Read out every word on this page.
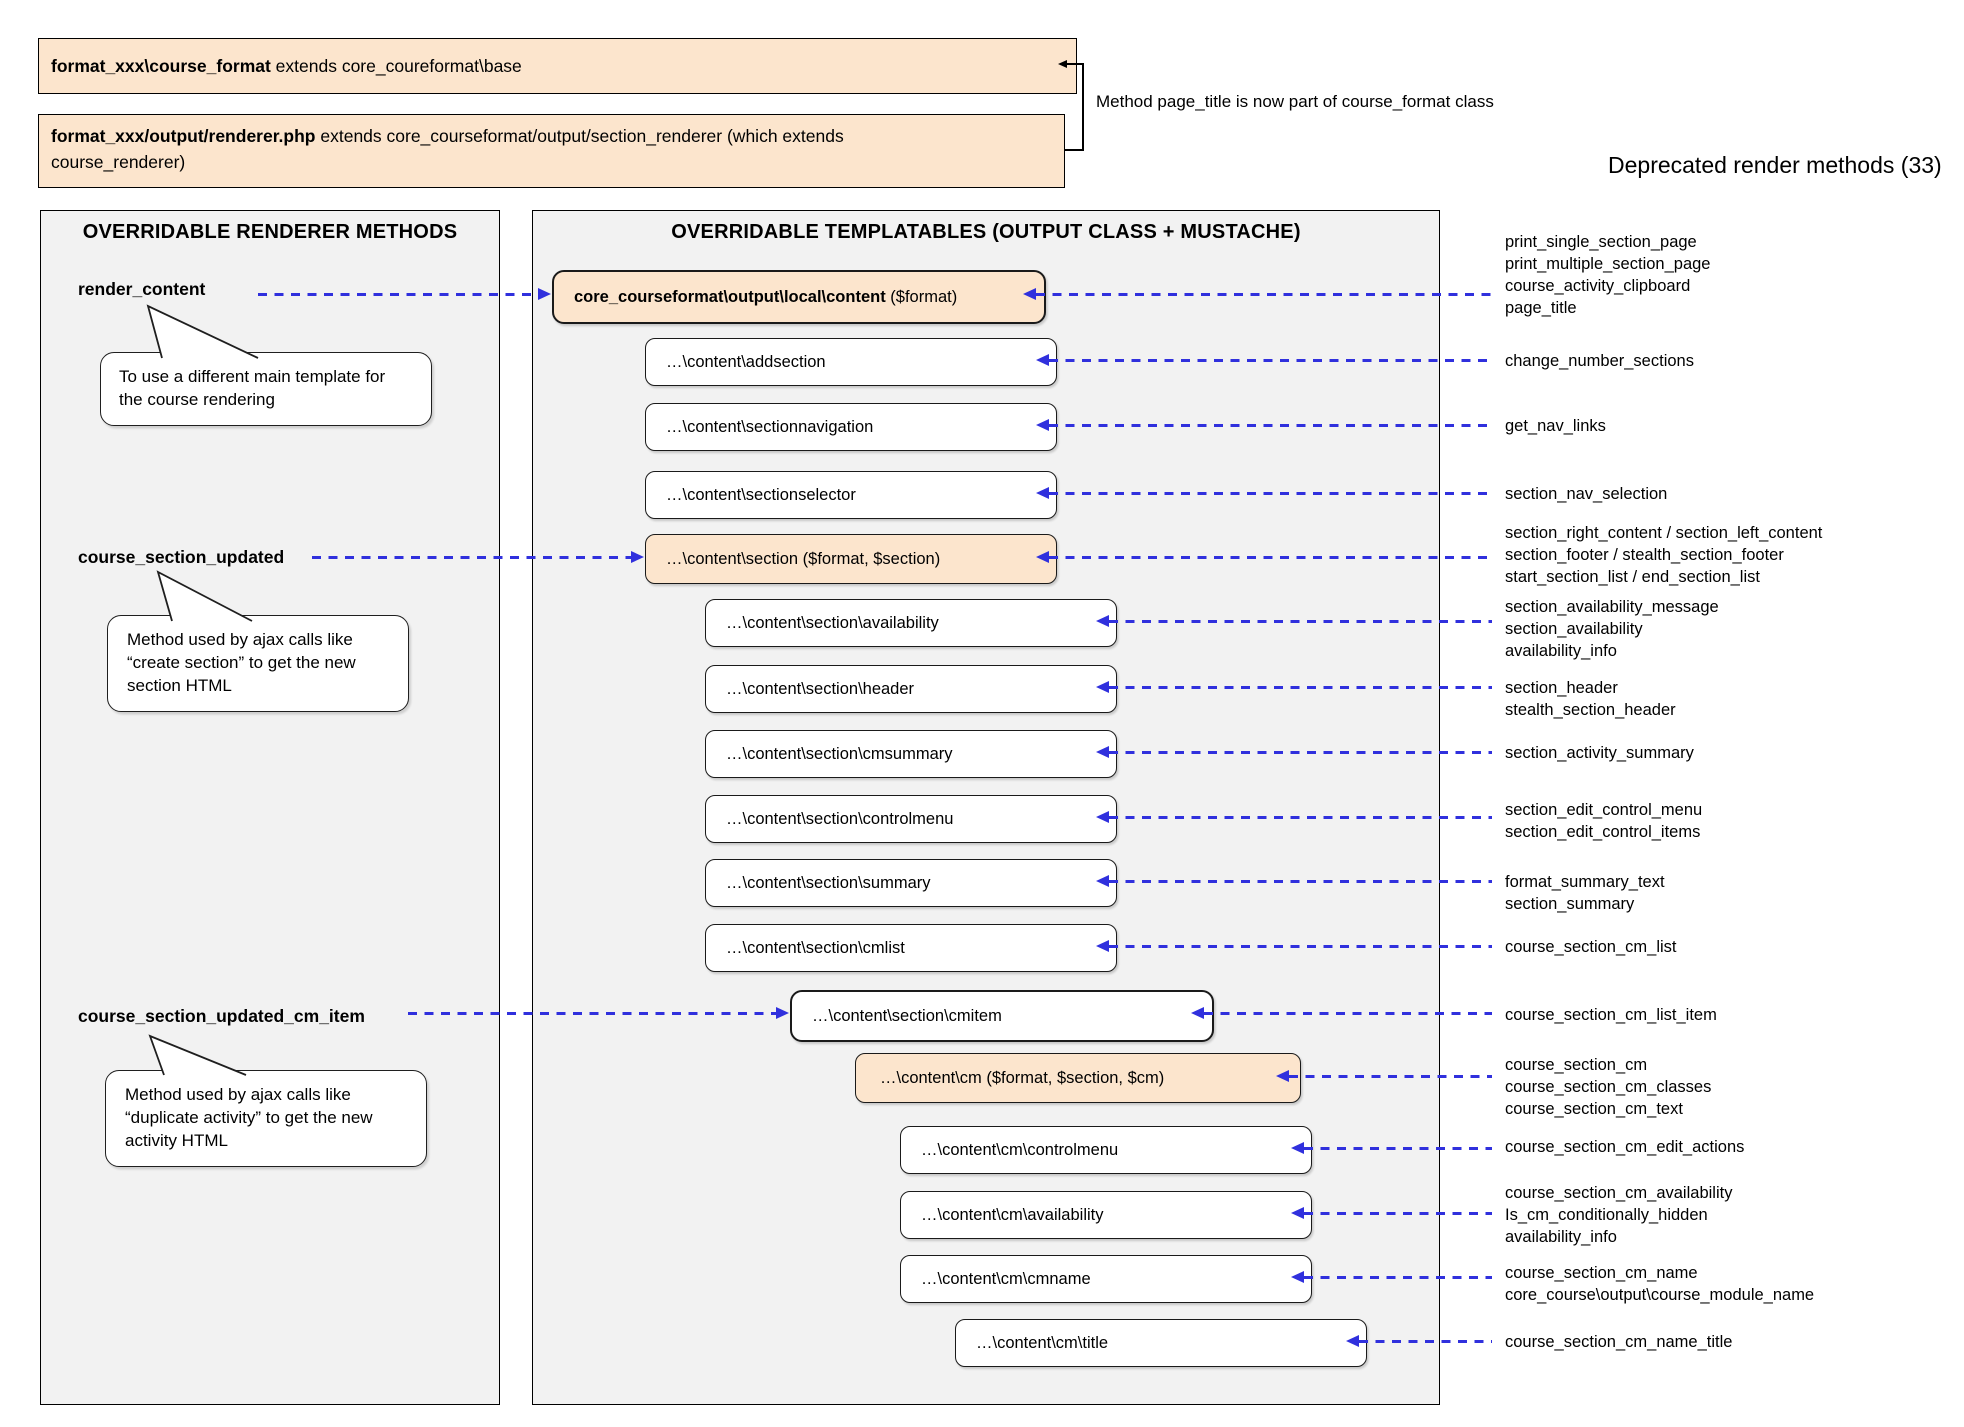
format_xxx\course_format extends core_coureformat\base
format_xxx/output/renderer.php extends core_courseformat/output/section_renderer (which extends
course_renderer)
Method page_title is now part of course_format class
Deprecated render methods (33)
OVERRIDABLE RENDERER METHODS	OVERRIDABLE TEMPLATABLES (OUTPUT CLASS + MUSTACHE)
render_content
course_section_updated
course_section_updated_cm_item
To use a different main template for the course rendering
Method used by ajax calls like “create section” to get the new section HTML
Method used by ajax calls like “duplicate activity” to get the new activity HTML
core_courseformat\output\local\content ($format)
…\content\addsection
…\content\sectionnavigation
…\content\sectionselector
…\content\section ($format, $section)
…\content\section\availability
…\content\section\header
…\content\section\cmsummary
…\content\section\controlmenu
…\content\section\summary
…\content\section\cmlist
…\content\section\cmitem
…\content\cm ($format, $section, $cm)
…\content\cm\controlmenu
…\content\cm\availability
…\content\cm\cmname
…\content\cm\title
print_single_section_page
print_multiple_section_page
course_activity_clipboard
page_title
change_number_sections
get_nav_links
section_nav_selection
section_right_content / section_left_content
section_footer / stealth_section_footer
start_section_list / end_section_list
section_availability_message
section_availability
availability_info
section_header
stealth_section_header
section_activity_summary
section_edit_control_menu
section_edit_control_items
format_summary_text
section_summary
course_section_cm_list
course_section_cm_list_item
course_section_cm
course_section_cm_classes
course_section_cm_text
course_section_cm_edit_actions
course_section_cm_availability
Is_cm_conditionally_hidden
availability_info
course_section_cm_name
core_course\output\course_module_name
course_section_cm_name_title
